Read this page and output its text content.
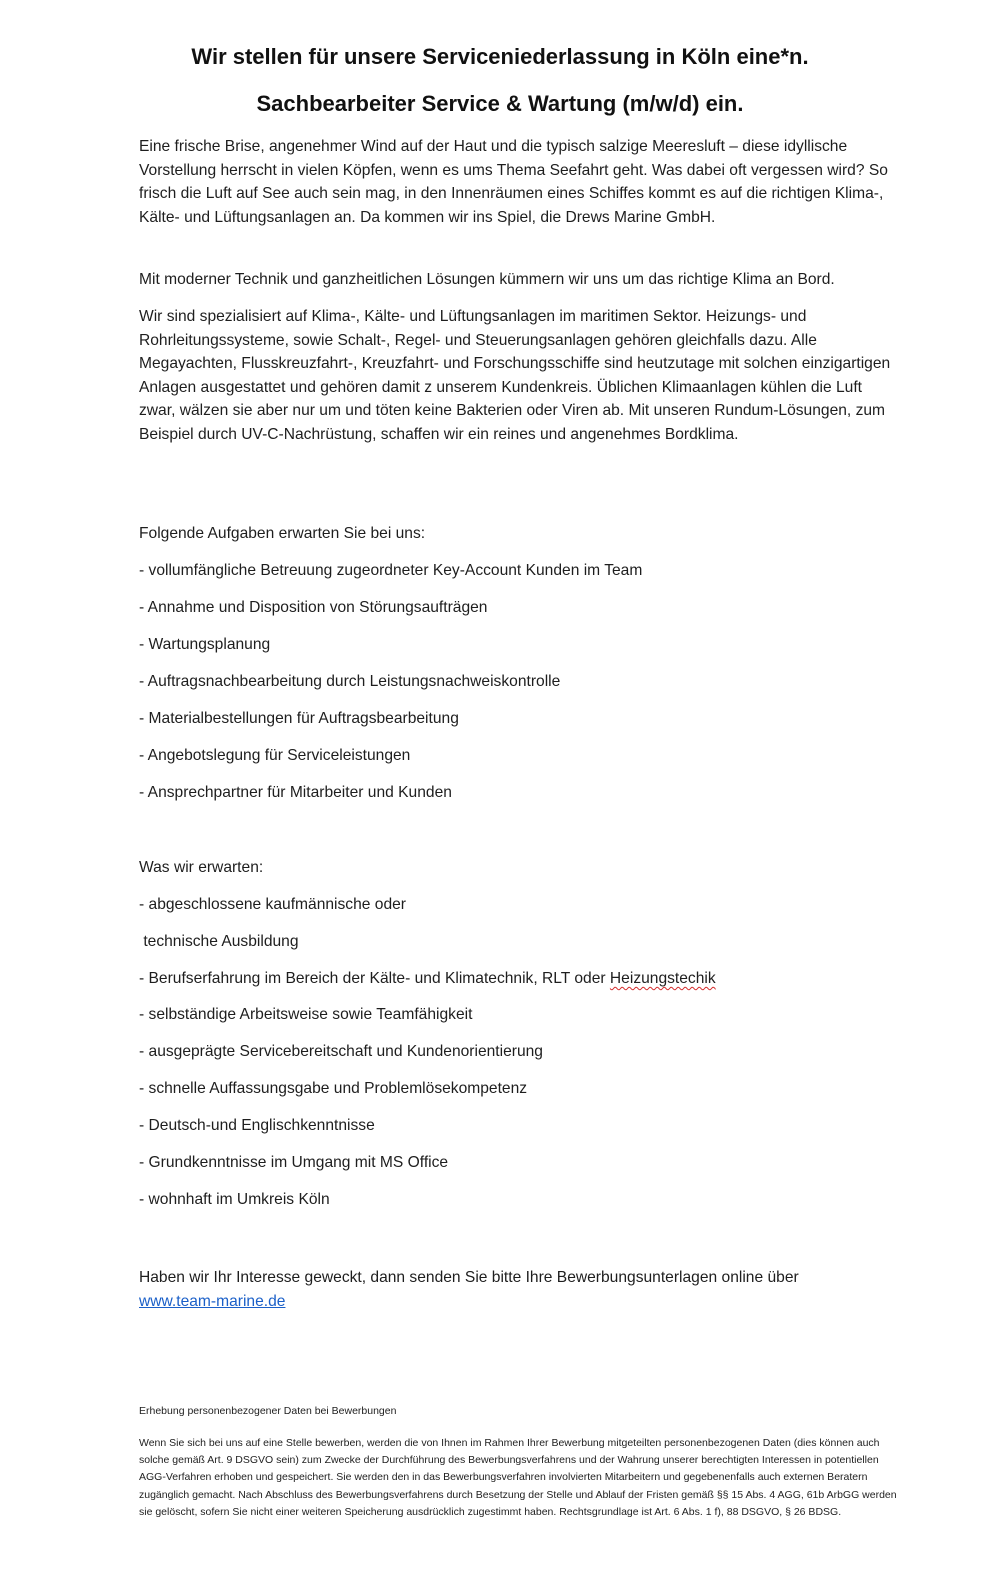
Wir stellen für unsere Serviceniederlassung in Köln eine*n.
Sachbearbeiter Service & Wartung (m/w/d) ein.

Eine frische Brise, angenehmer Wind auf der Haut und die typisch salzige Meeresluft – diese idyllische Vorstellung herrscht in vielen Köpfen, wenn es ums Thema Seefahrt geht. Was dabei oft vergessen wird? So frisch die Luft auf See auch sein mag, in den Innenräumen eines Schiffes kommt es auf die richtigen Klima-, Kälte- und Lüftungsanlagen an. Da kommen wir ins Spiel, die Drews Marine GmbH.

Mit moderner Technik und ganzheitlichen Lösungen kümmern wir uns um das richtige Klima an Bord.

Wir sind spezialisiert auf Klima-, Kälte- und Lüftungsanlagen im maritimen Sektor. Heizungs- und Rohrleitungssysteme, sowie Schalt-, Regel- und Steuerungsanlagen gehören gleichfalls dazu. Alle Megayachten, Flusskreuzfahrt-, Kreuzfahrt- und Forschungsschiffe sind heutzutage mit solchen einzigartigen Anlagen ausgestattet und gehören damit z unserem Kundenkreis. Üblichen Klimaanlagen kühlen die Luft zwar, wälzen sie aber nur um und töten keine Bakterien oder Viren ab. Mit unseren Rundum-Lösungen, zum Beispiel durch UV-C-Nachrüstung, schaffen wir ein reines und angenehmes Bordklima.

Folgende Aufgaben erwarten Sie bei uns:

- vollumfängliche Betreuung zugeordneter Key-Account Kunden im Team

- Annahme und Disposition von Störungsaufträgen

- Wartungsplanung

- Auftragsnachbearbeitung durch Leistungsnachweiskontrolle

- Materialbestellungen für Auftragsbearbeitung

- Angebotslegung für Serviceleistungen

- Ansprechpartner für Mitarbeiter und Kunden

Was wir erwarten:

- abgeschlossene kaufmännische oder

technische Ausbildung

- Berufserfahrung im Bereich der Kälte- und Klimatechnik, RLT oder Heizungstechik

- selbständige Arbeitsweise sowie Teamfähigkeit

- ausgeprägte Servicebereitschaft und Kundenorientierung

- schnelle Auffassungsgabe und Problemlösekompetenz

- Deutsch-und Englischkenntnisse

- Grundkenntnisse im Umgang mit MS Office

- wohnhaft im Umkreis Köln

Haben wir Ihr Interesse geweckt, dann senden Sie bitte Ihre Bewerbungsunterlagen online über

www.team-marine.de

Erhebung personenbezogener Daten bei Bewerbungen

Wenn Sie sich bei uns auf eine Stelle bewerben, werden die von Ihnen im Rahmen Ihrer Bewerbung mitgeteilten personenbezogenen Daten (dies können auch solche gemäß Art. 9 DSGVO sein) zum Zwecke der Durchführung des Bewerbungsverfahrens und der Wahrung unserer berechtigten Interessen in potentiellen AGG-Verfahren erhoben und gespeichert. Sie werden den in das Bewerbungsverfahren involvierten Mitarbeitern und gegebenenfalls auch externen Beratern zugänglich gemacht. Nach Abschluss des Bewerbungsverfahrens durch Besetzung der Stelle und Ablauf der Fristen gemäß §§ 15 Abs. 4 AGG, 61b ArbGG werden sie gelöscht, sofern Sie nicht einer weiteren Speicherung ausdrücklich zugestimmt haben. Rechtsgrundlage ist Art. 6 Abs. 1 f), 88 DSGVO, § 26 BDSG.
